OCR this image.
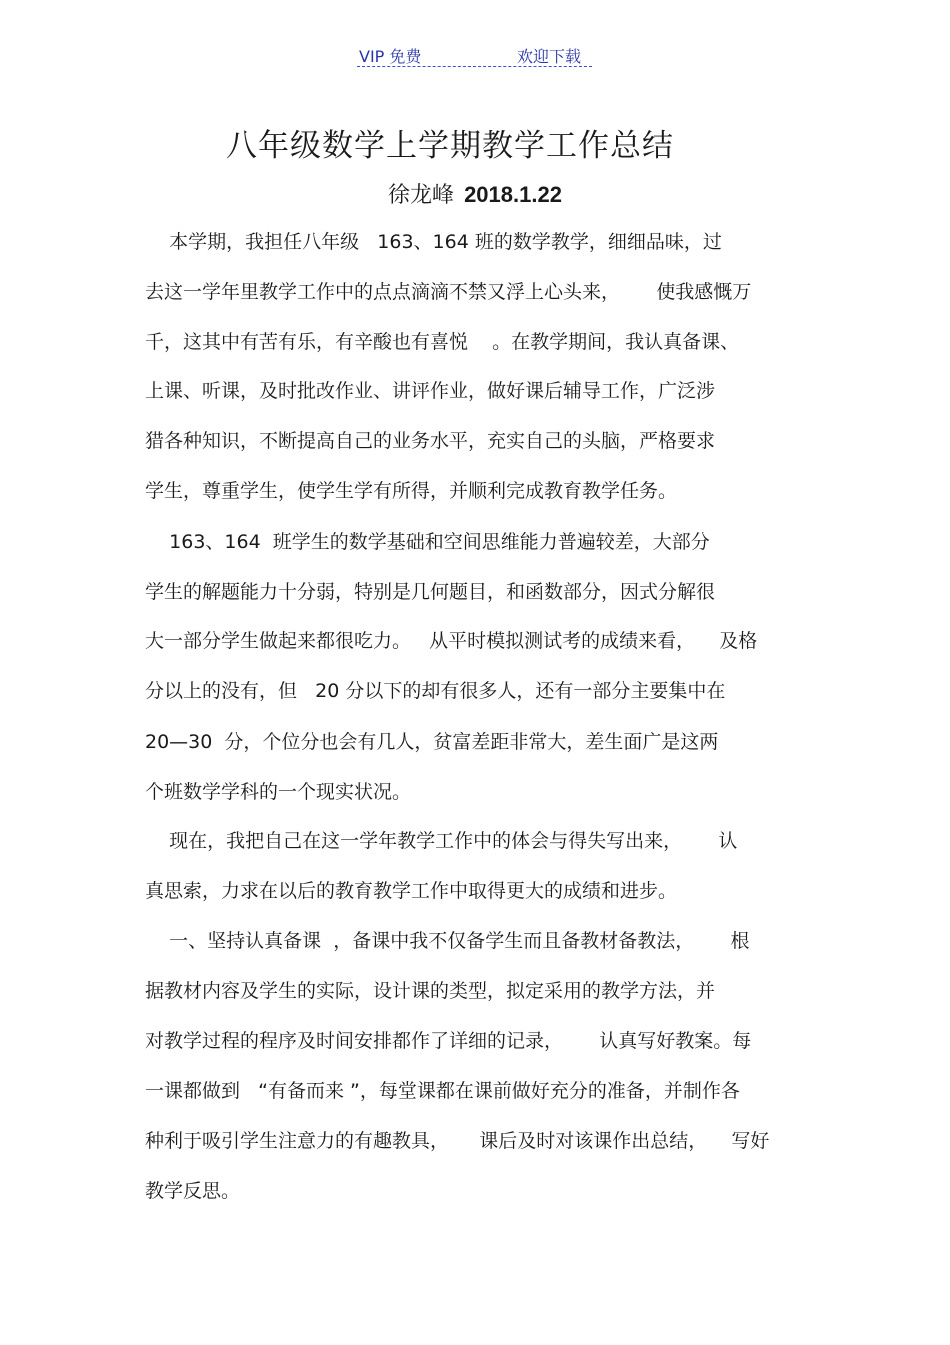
VIP 免费	欢迎下载
八年级数学上学期教学工作总结
徐龙峰 2018.1.22
本学期，我担任八年级   163、164 班的数学教学，细细品味，过
去这一学年里教学工作中的点点滴滴不禁又浮上心头来，      使我感慨万
千，这其中有苦有乐，有辛酸也有喜悦    。在教学期间，我认真备课、
上课、听课，及时批改作业、讲评作业，做好课后辅导工作，广泛涉
猎各种知识，不断提高自己的业务水平，充实自己的头脑，严格要求
学生，尊重学生，使学生学有所得，并顺利完成教育教学任务。
163、164  班学生的数学基础和空间思维能力普遍较差，大部分
学生的解题能力十分弱，特别是几何题目，和函数部分，因式分解很
大一部分学生做起来都很吃力。   从平时模拟测试考的成绩来看，    及格
分以上的没有，但   20 分以下的却有很多人，还有一部分主要集中在
20—30  分，个位分也会有几人，贫富差距非常大，差生面广是这两
个班数学学科的一个现实状况。
现在，我把自己在这一学年教学工作中的体会与得失写出来，      认
真思索，力求在以后的教育教学工作中取得更大的成绩和进步。
一、坚持认真备课  ，备课中我不仅备学生而且备教材备教法，      根
据教材内容及学生的实际，设计课的类型，拟定采用的教学方法，并
对教学过程的程序及时间安排都作了详细的记录，      认真写好教案。每
一课都做到   “有备而来 ”，每堂课都在课前做好充分的准备，并制作各
种利于吸引学生注意力的有趣教具，     课后及时对该课作出总结，    写好
教学反思。
